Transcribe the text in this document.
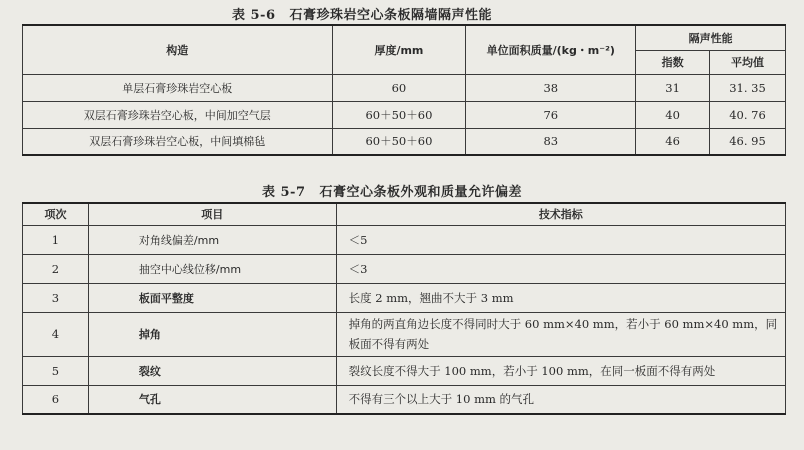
表 5-6 石膏珍珠岩空心条板隔墙隔声性能
构造	厚度/mm	单位面积质量/(kg・m⁻²)	隔声性能	
			指数	平均值
单层石膏珍珠岩空心板	60	38	31	31. 35
双层石膏珍珠岩空心板，中间加空气层	60＋50＋60	76	40	40. 76
双层石膏珍珠岩空心板，中间填棉毡	60＋50＋60	83	46	46. 95
表 5-7 石膏空心条板外观和质量允许偏差
项次	项目	技术指标
1	对角线偏差/mm	＜5
2	抽空中心线位移/mm	＜3
3	板面平整度	长度 2 mm，翘曲不大于 3 mm
4	掉角	掉角的两直角边长度不得同时大于 60 mm×40 mm，若小于 60 mm×40 mm，同板面不得有两处
5	裂纹	裂纹长度不得大于 100 mm，若小于 100 mm，在同一板面不得有两处
6	气孔	不得有三个以上大于 10 mm 的气孔
